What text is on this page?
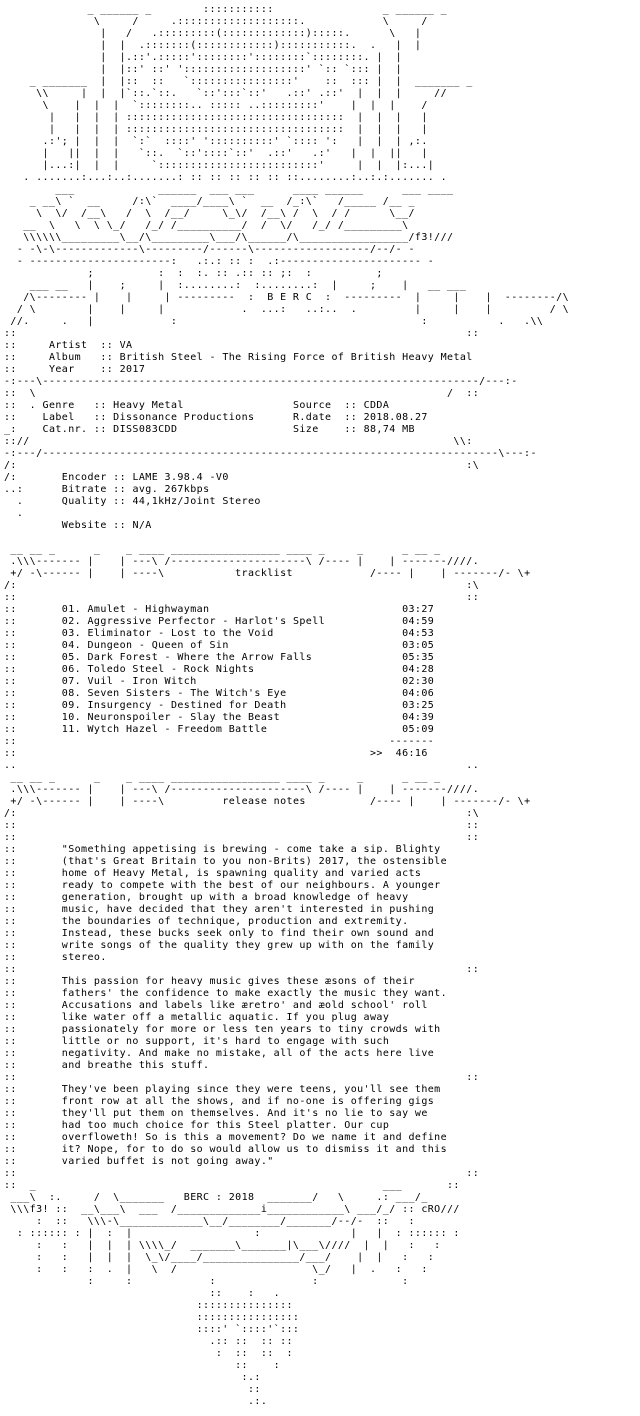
_ ______ _        :::::::::::                 _ ______ _
\     /     .:::::::::::::::::::.            \     /
|   /   .:::::::::(:::::::::::::):::::.      \   |
|  |  .:::::::(::::::::::::):::::::::::.  .   |  |
|  |.::'.:::::'::::::::'::::::::`::::::::. |  |
|  |::' ::' ':::::::::::::::::::' `:: `::: |  |
_ _______  |  |::  ::   `::::::::::::::::'    ::  ::: |  |  _______ _
\\     |  |  |`::.`::.   `::':::`::'   .::' .::'  |  |  |     //
\    |  |  |  `::::::::.. ::::: ..:::::::::'    |  |  |    /
|   |  |  | ::::::::::::::::::::::::::::::::::  |  |  |   |
|   |  |  | ::::::::::::::::::::::::::::::::::  |  |  |   |
.:'; |  |  |  `:`  ::::' '::::::::::' `:::: ':   |  |  | ,:.
|   ||  |  |   `::.  `::'::::`::'  .::'   .:'   |  |  ||   |
|...:|  |  |     `:::::::::::::::::::::::::'     |  |  |:...|
. .......:...:..:.......: :: :: :: :: :: ::........:..:.:....... .
___             ______  ___ ___      ____ ______      ___ ____
_ __\ `  __     /:\`  ____/____\ `  __  /_:\`   /_____ /__ _
\  \/  /__\   /  \  /__/     \_\/  /__\ /  \  / /      \__/
__  \   \  \ \_/   /_/ /__________/  /  \/   /_/ /_________\
\\\\\\_________\__/\_________\___/\______/\_________________/f3!///
- -\-\-------------\---------/------\------------------/--/- -
- ----------------------:   .:.: :: :  .:---------------------- -
;          :  :  :. :: .:: :: ;:  :          ;
___ __   |    ;     |  :........:  :........:  |     ;    |   __ ___
/\-------- |    |     | ---------  :  B E R C  :  ---------  |     |    |  --------/\
/ \        |    |     |            .  ...:   ..:..  .         |     |    |         / \
//.     .   |            :                                      :           .   .\\
::                                                                      ::
::     Artist  :: VA
::     Album   :: British Steel - The Rising Force of British Heavy Metal
::     Year    :: 2017
-:---\--------------------------------------------------------------------/---:-
::  \                                                                /  ::
::  . Genre   :: Heavy Metal                 Source  :: CDDA
::    Label   :: Dissonance Productions      R.date  :: 2018.08.27
_:    Cat.nr. :: DISS083CDD                  Size    :: 88,74 MB
:://                                                                  \\:
-:---/-----------------------------------------------------------------------\---:-
/:                                                                      :\
/:       Encoder :: LAME 3.98.4 -V0
..:      Bitrate :: avg. 267kbps
.      Quality :: 44,1kHz/Joint Stereo
.
Website :: N/A
__ __ _      _    _ ____ _________________ ____ _     _      _ __ _
.\\\------- |    | ---\ /---------------------\ /---- |    | -------////.
+/ -\------ |    | ----\           tracklist            /---- |    | -------/- \+
/:                                                                      :\
::                                                                      ::
::       01. Amulet - Highwayman                              03:27
::       02. Aggressive Perfector - Harlot's Spell            04:59
::       03. Eliminator - Lost to the Void                    04:53
::       04. Dungeon - Queen of Sin                           03:05
::       05. Dark Forest - Where the Arrow Falls              05:35
::       06. Toledo Steel - Rock Nights                       04:28
::       07. Vuil - Iron Witch                                02:30
::       08. Seven Sisters - The Witch's Eye                  04:06
::       09. Insurgency - Destined for Death                  03:25
::       10. Neuronspoiler - Slay the Beast                   04:39
::       11. Wytch Hazel - Freedom Battle                     05:09
::                                                          -------
::                                                       >> 46:16
..                                                                      ..
__ __ _      _    _ ____ _________________ ____ _     _      _ __ _
.\\\------- |    | ---\ /---------------------\ /---- |    | -------////.
+/ -\------ |    | ----\         release notes          /---- |    | -------/- \+
/:                                                                      :\
::                                                                      ::
::                                                                      ::
::       "Something appetising is brewing - come take a sip. Blighty
::       (that's Great Britain to you non-Brits) 2017, the ostensible
::       home of Heavy Metal, is spawning quality and varied acts
::       ready to compete with the best of our neighbours. A younger
::       generation, brought up with a broad knowledge of heavy
::       music, have decided that they aren't interested in pushing
::       the boundaries of technique, production and extremity.
::       Instead, these bucks seek only to find their own sound and
::       write songs of the quality they grew up with on the family
::       stereo.
::                                                                      ::
::       This passion for heavy music gives these æsons of their
::       fathers' the confidence to make exactly the music they want.
::       Accusations and labels like æretro' and æold school' roll
::       like water off a metallic aquatic. If you plug away
::       passionately for more or less ten years to tiny crowds with
::       little or no support, it's hard to engage with such
::       negativity. And make no mistake, all of the acts here live
::       and breathe this stuff.
::                                                                      ::
::       They've been playing since they were teens, you'll see them
::       front row at all the shows, and if no-one is offering gigs
::       they'll put them on themselves. And it's no lie to say we
::       had too much choice for this Steel platter. Our cup
::       overfloweth! So is this a movement? Do we name it and define
::       it? Nope, for to do so would allow us to dismiss it and this
::       varied buffet is not going away."
::                                                                      ::
::  _                                                      ___       ::
___\  :.     /  \_______   BERC : 2018  _______/   \     .: ___/_
\\\f3! ::  __\___\  ___  /_____________i____________\ ___/_/ :: cRO///
:  ::   \\\-\_____________\__/________/_______/--/-  ::   :
: :::::: : |  :  |                   :              |   |  : :::::: :
:   :   |  |  | \\\\_/  _______\_______|\___\////  |  |   :   :
:   :   |  |  |  \_\/____/_______________/___/    |  |   :   :
:   :   :  .  |   \  /                     \_/   |  .   :   :
:     :            :               :             :
::    :   .
:::::::::::::::
::::::::::::::::
::::' `::::'`:::
.:: ::  :: ::
:  ::  ::  :
::    :
:.:
::
.:.
